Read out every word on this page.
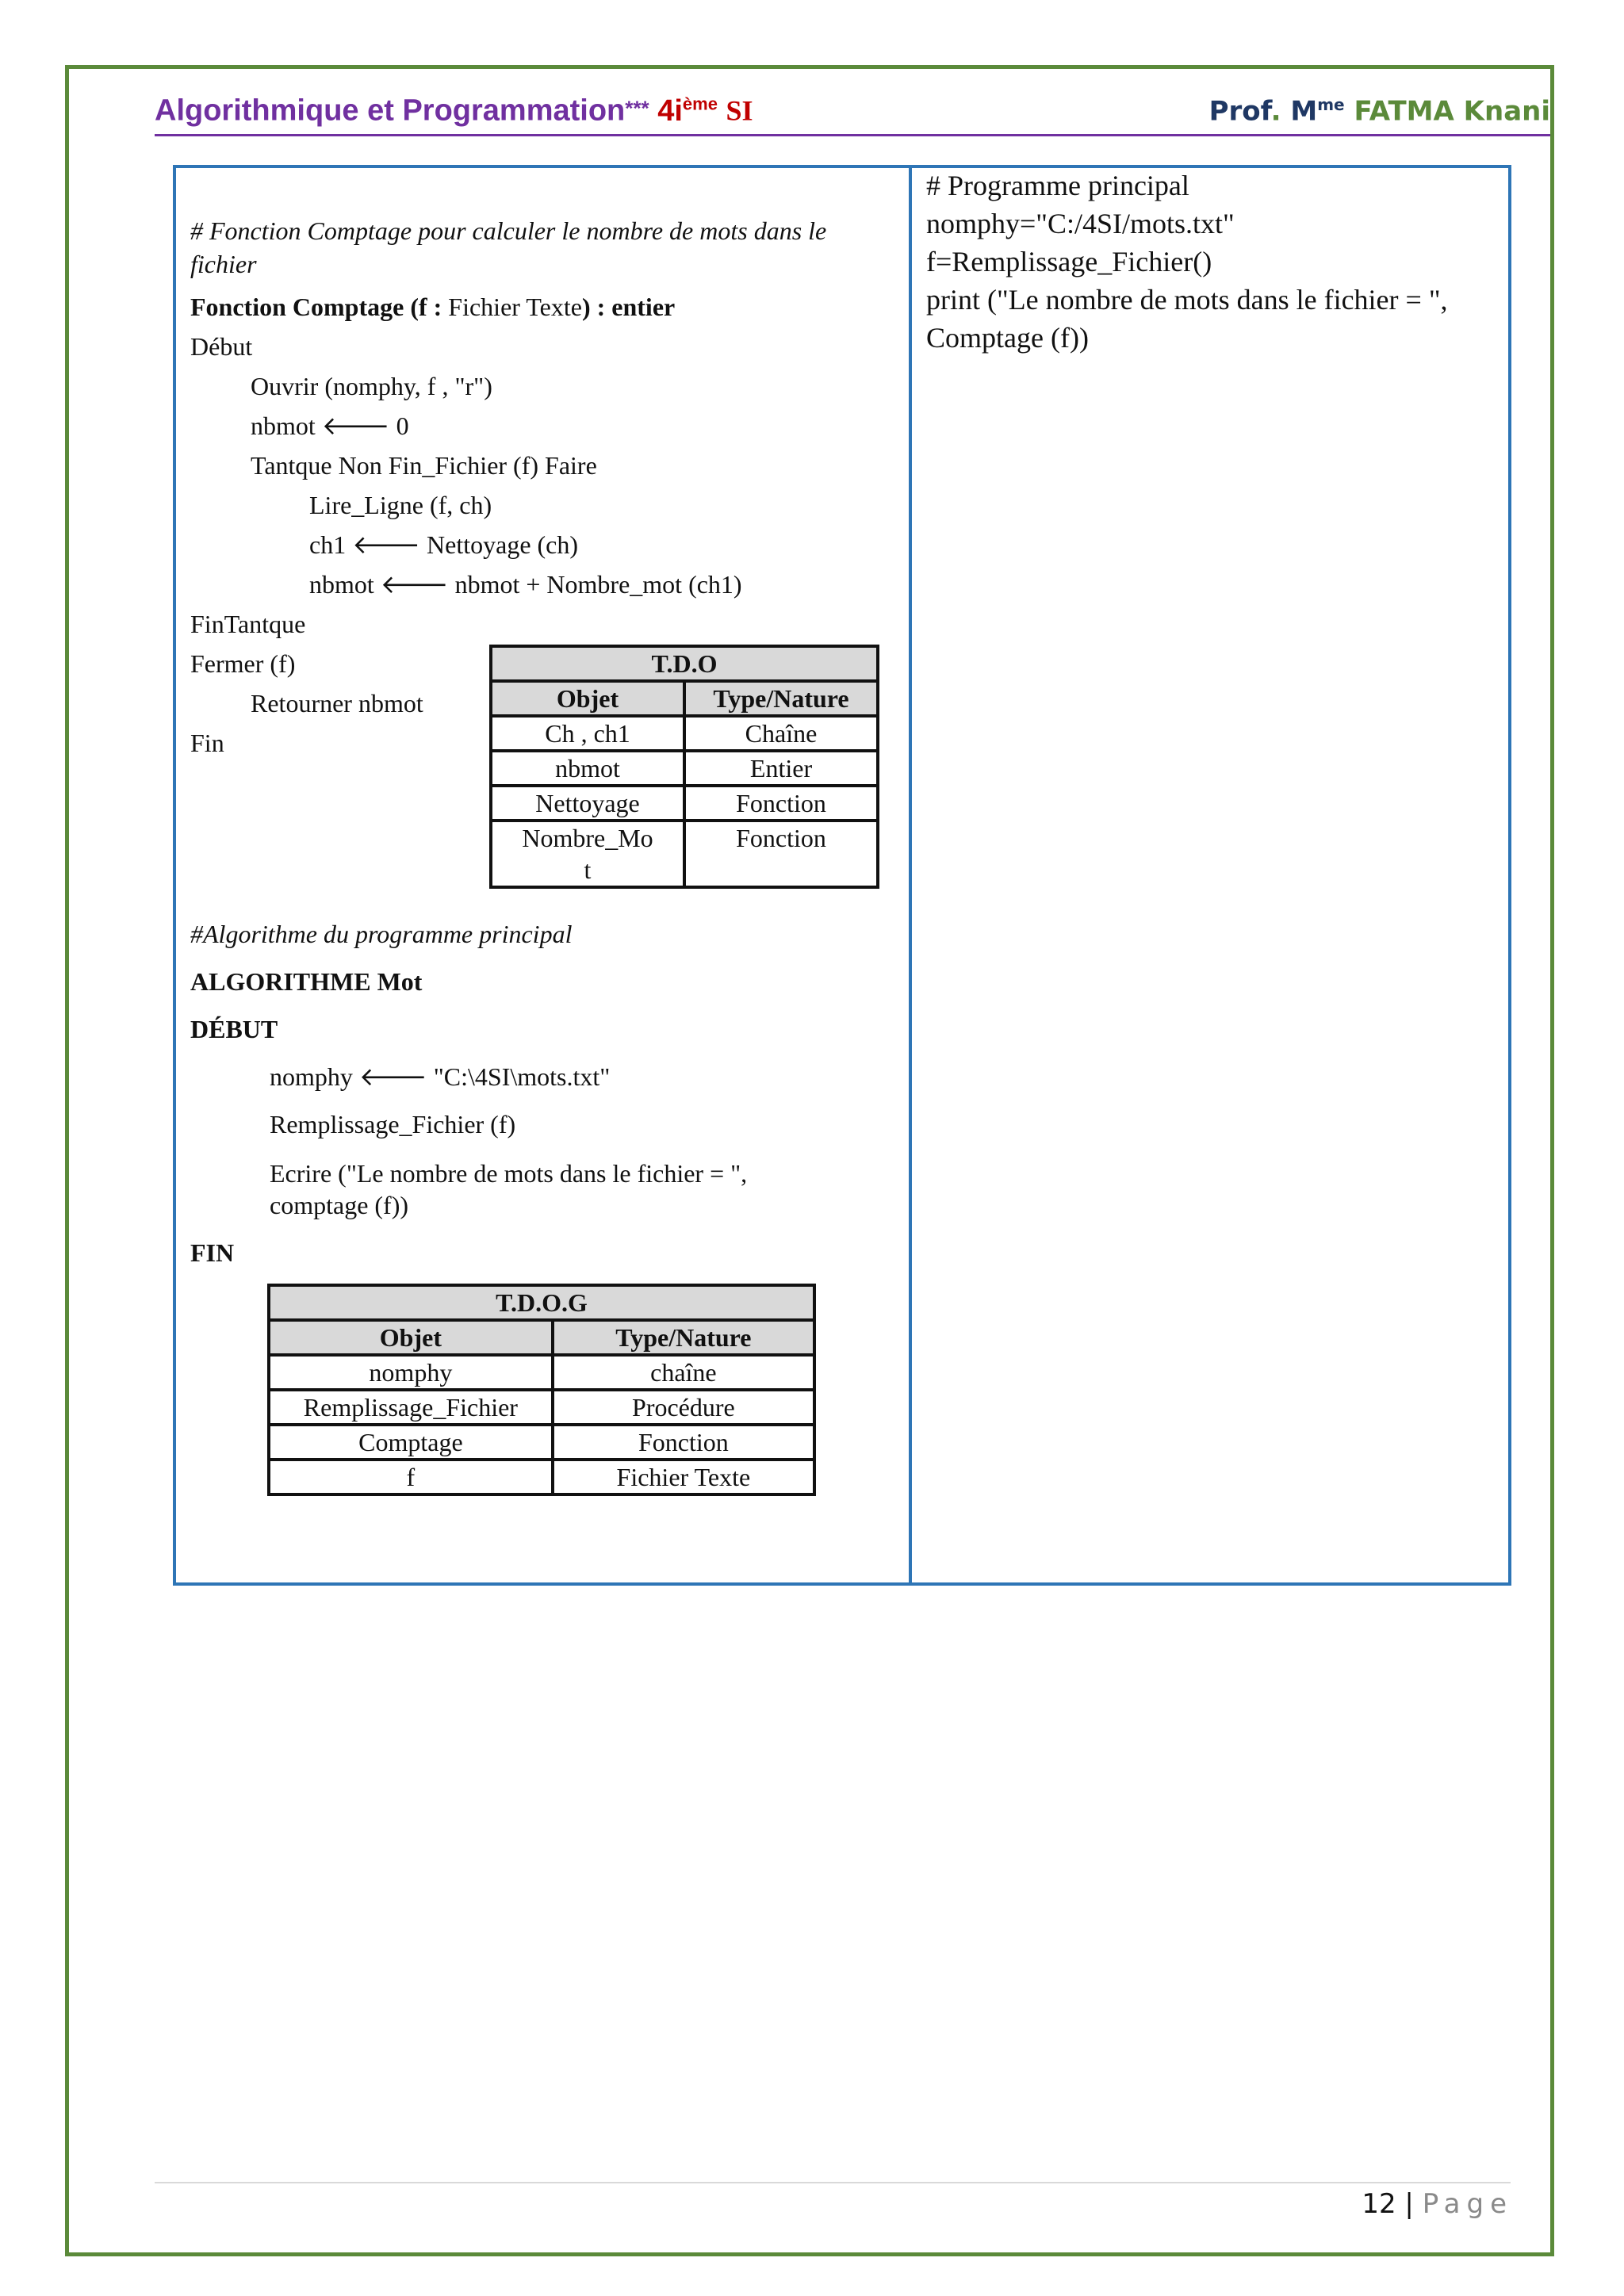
Algorithmique et Programmation*** $4i^{ème}$ SI	Prof. $M^{me}$ FATMA Knani
# Fonction Comptage pour calculer le nombre de mots dans le
fichier
Fonction Comptage (f : Fichier Texte) : entier
Début
Ouvrir (nomphy, f , "r")
nbmot 🡐 0
Tantque Non Fin_Fichier (f) Faire
Lire_Ligne (f, ch)
ch1 🡐 Nettoyage (ch)
nbmot 🡐 nbmot + Nombre_mot (ch1)
FinTantque
Fermer (f)
Retourner nbmot
Fin
T.D.O	
Objet	Type/Nature
Ch , ch1	Chaîne
nbmot	Entier
Nettoyage	Fonction

Nombre_Mo
t	Fonction
#Algorithme du programme principal
ALGORITHME Mot
DÉBUT
nomphy 🡐 "C:\4SI\mots.txt"
Remplissage_Fichier (f)
Ecrire ("Le nombre de mots dans le fichier = ",
comptage (f))
FIN
T.D.O.G	
Objet	Type/Nature
nomphy	chaîne
Remplissage_Fichier	Procédure
Comptage	Fonction
f	Fichier Texte
# Programme principal
nomphy="C:/4SI/mots.txt"
f=Remplissage_Fichier()
print ("Le nombre de mots dans le fichier = ",
Comptage (f))
12 | Page
